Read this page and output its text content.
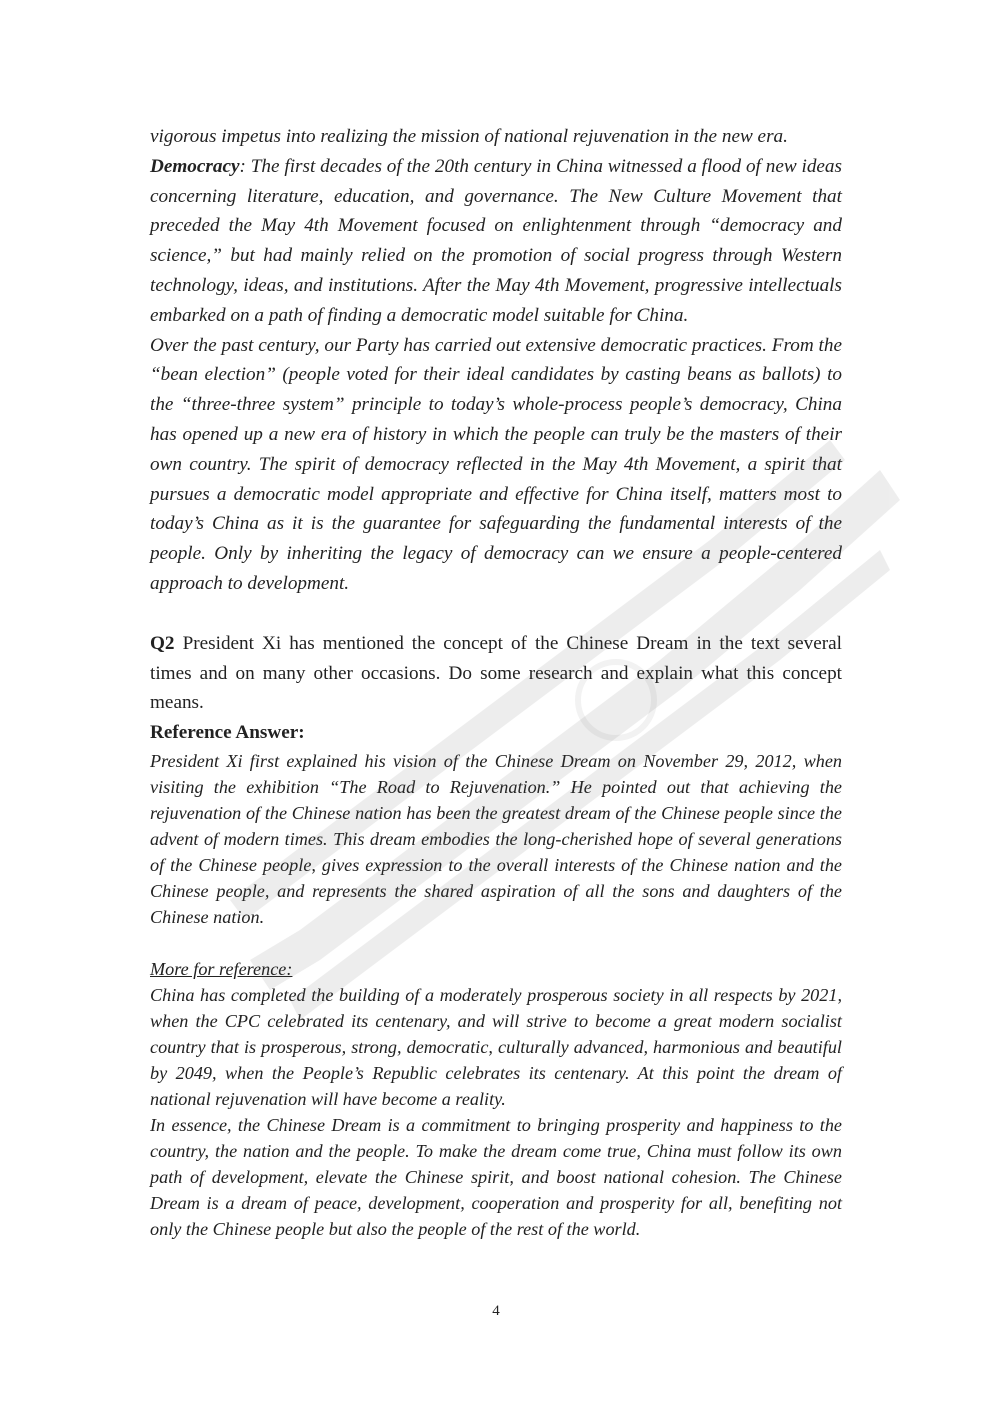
vigorous impetus into realizing the mission of national rejuvenation in the new era.

Democracy: The first decades of the 20th century in China witnessed a flood of new ideas concerning literature, education, and governance. The New Culture Movement that preceded the May 4th Movement focused on enlightenment through “democracy and science,” but had mainly relied on the promotion of social progress through Western technology, ideas, and institutions. After the May 4th Movement, progressive intellectuals embarked on a path of finding a democratic model suitable for China.

Over the past century, our Party has carried out extensive democratic practices. From the “bean election” (people voted for their ideal candidates by casting beans as ballots) to the “three-three system” principle to today’s whole-process people’s democracy, China has opened up a new era of history in which the people can truly be the masters of their own country. The spirit of democracy reflected in the May 4th Movement, a spirit that pursues a democratic model appropriate and effective for China itself, matters most to today’s China as it is the guarantee for safeguarding the fundamental interests of the people. Only by inheriting the legacy of democracy can we ensure a people-centered approach to development.

Q2 President Xi has mentioned the concept of the Chinese Dream in the text several times and on many other occasions. Do some research and explain what this concept means.

Reference Answer:

President Xi first explained his vision of the Chinese Dream on November 29, 2012, when visiting the exhibition “The Road to Rejuvenation.” He pointed out that achieving the rejuvenation of the Chinese nation has been the greatest dream of the Chinese people since the advent of modern times. This dream embodies the long-cherished hope of several generations of the Chinese people, gives expression to the overall interests of the Chinese nation and the Chinese people, and represents the shared aspiration of all the sons and daughters of the Chinese nation.

More for reference:

China has completed the building of a moderately prosperous society in all respects by 2021, when the CPC celebrated its centenary, and will strive to become a great modern socialist country that is prosperous, strong, democratic, culturally advanced, harmonious and beautiful by 2049, when the People’s Republic celebrates its centenary. At this point the dream of national rejuvenation will have become a reality.

In essence, the Chinese Dream is a commitment to bringing prosperity and happiness to the country, the nation and the people. To make the dream come true, China must follow its own path of development, elevate the Chinese spirit, and boost national cohesion. The Chinese Dream is a dream of peace, development, cooperation and prosperity for all, benefiting not only the Chinese people but also the people of the rest of the world.

4
